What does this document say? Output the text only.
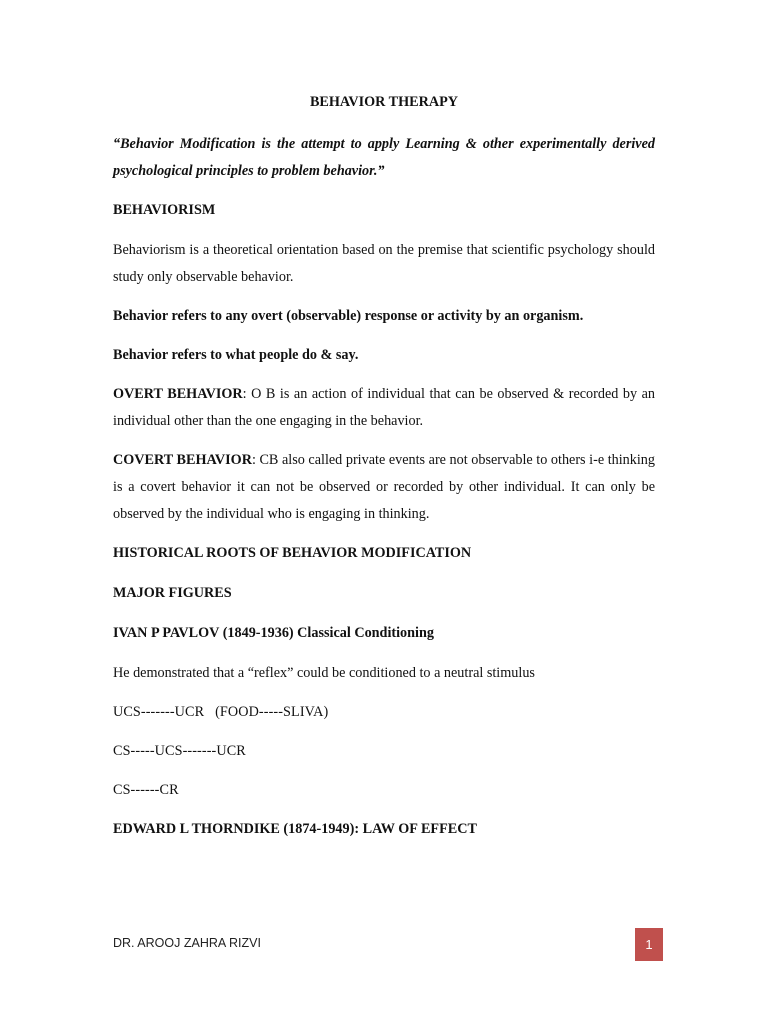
BEHAVIOR THERAPY
“Behavior Modification is the attempt to apply Learning & other experimentally derived psychological principles to problem behavior.”
BEHAVIORISM
Behaviorism is a theoretical orientation based on the premise that scientific psychology should study only observable behavior.
Behavior refers to any overt (observable) response or activity by an organism.
Behavior refers to what people do & say.
OVERT BEHAVIOR: O B is an action of individual that can be observed & recorded by an individual other than the one engaging in the behavior.
COVERT BEHAVIOR: CB also called private events are not observable to others i-e thinking is a covert behavior it can not be observed or recorded by other individual. It can only be observed by the individual who is engaging in thinking.
HISTORICAL ROOTS OF BEHAVIOR MODIFICATION
MAJOR FIGURES
IVAN P PAVLOV (1849-1936) Classical Conditioning
He demonstrated that a “reflex” could be conditioned to a neutral stimulus
UCS-------UCR   (FOOD-----SLIVA)
CS-----UCS-------UCR
CS------CR
EDWARD L THORNDIKE (1874-1949): LAW OF EFFECT
DR. AROOJ ZAHRA RIZVI	1
